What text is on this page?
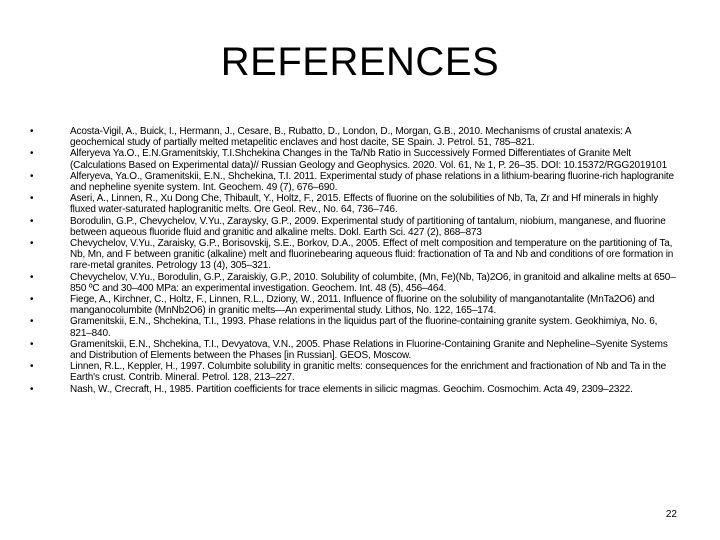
REFERENCES
•	Acosta-Vigil, A., Buick, I., Hermann, J., Cesare, B., Rubatto, D., London, D., Morgan, G.B., 2010. Mechanisms of crustal anatexis: A geochemical study of partially melted metapelitic enclaves and host dacite, SE Spain. J. Petrol. 51, 785–821.
•	Alferyeva Ya.O., E.N.Gramenitskiy, T.I.Shchekina Changes in the Ta/Nb Ratio in Successively Formed Differentiates of Granite Melt (Calculations Based on Experimental data)// Russian Geology and Geophysics. 2020. Vol. 61, № 1, P. 26–35. DOI: 10.15372/RGG2019101
•	Alferyeva, Ya.O., Gramenitskii, E.N., Shchekina, T.I. 2011. Experimental study of phase relations in a lithium-bearing fluorine-rich haplogranite and nepheline syenite system. Int. Geochem. 49 (7), 676–690.
•	Aseri, A., Linnen, R., Xu Dong Che, Thibault, Y., Holtz, F., 2015. Effects of fluorine on the solubilities of Nb, Ta, Zr and Hf minerals in highly fluxed water-saturated haplogranitic melts. Ore Geol. Rev., No. 64, 736–746.
•	Borodulin, G.P., Chevychelov, V.Yu., Zaraysky, G.P., 2009. Experimental study of partitioning of tantalum, niobium, manganese, and fluorine between aqueous fluoride fluid and granitic and alkaline melts. Dokl. Earth Sci. 427 (2), 868–873
•	Chevychelov, V.Yu., Zaraisky, G.P., Borisovskij, S.E., Borkov, D.A., 2005. Effect of melt composition and temperature on the partitioning of Ta, Nb, Mn, and F between granitic (alkaline) melt and fluorinebearing aqueous fluid: fractionation of Ta and Nb and conditions of ore formation in rare-metal granites. Petrology 13 (4), 305–321.
•	Chevychelov, V.Yu., Borodulin, G.P., Zaraiskiy, G.P., 2010. Solubility of columbite, (Mn, Fe)(Nb, Ta)2O6, in granitoid and alkaline melts at 650–850 ºC and 30–400 MPa: an experimental investigation. Geochem. Int. 48 (5), 456–464.
•	Fiege, A., Kirchner, C., Holtz, F., Linnen, R.L., Dziony, W., 2011. Influence of fluorine on the solubility of manganotantalite (MnTa2O6) and manganocolumbite (MnNb2O6) in granitic melts—An experimental study. Lithos, No. 122, 165–174.
•	Gramenitskii, E.N., Shchekina, T.I., 1993. Phase relations in the liquidus part of the fluorine-containing granite system. Geokhimiya, No. 6, 821–840.
•	Gramenitskii, E.N., Shchekina, T.I., Devyatova, V.N., 2005. Phase Relations in Fluorine-Containing Granite and Nepheline–Syenite Systems and Distribution of Elements between the Phases [in Russian]. GEOS, Moscow.
•	Linnen, R.L., Keppler, H., 1997. Columbite solubility in granitic melts: consequences for the enrichment and fractionation of Nb and Ta in the Earth's crust. Contrib. Mineral. Petrol. 128, 213–227.
•	Nash, W., Crecraft, H., 1985. Partition coefficients for trace elements in silicic magmas. Geochim. Cosmochim. Acta 49, 2309–2322.
22
